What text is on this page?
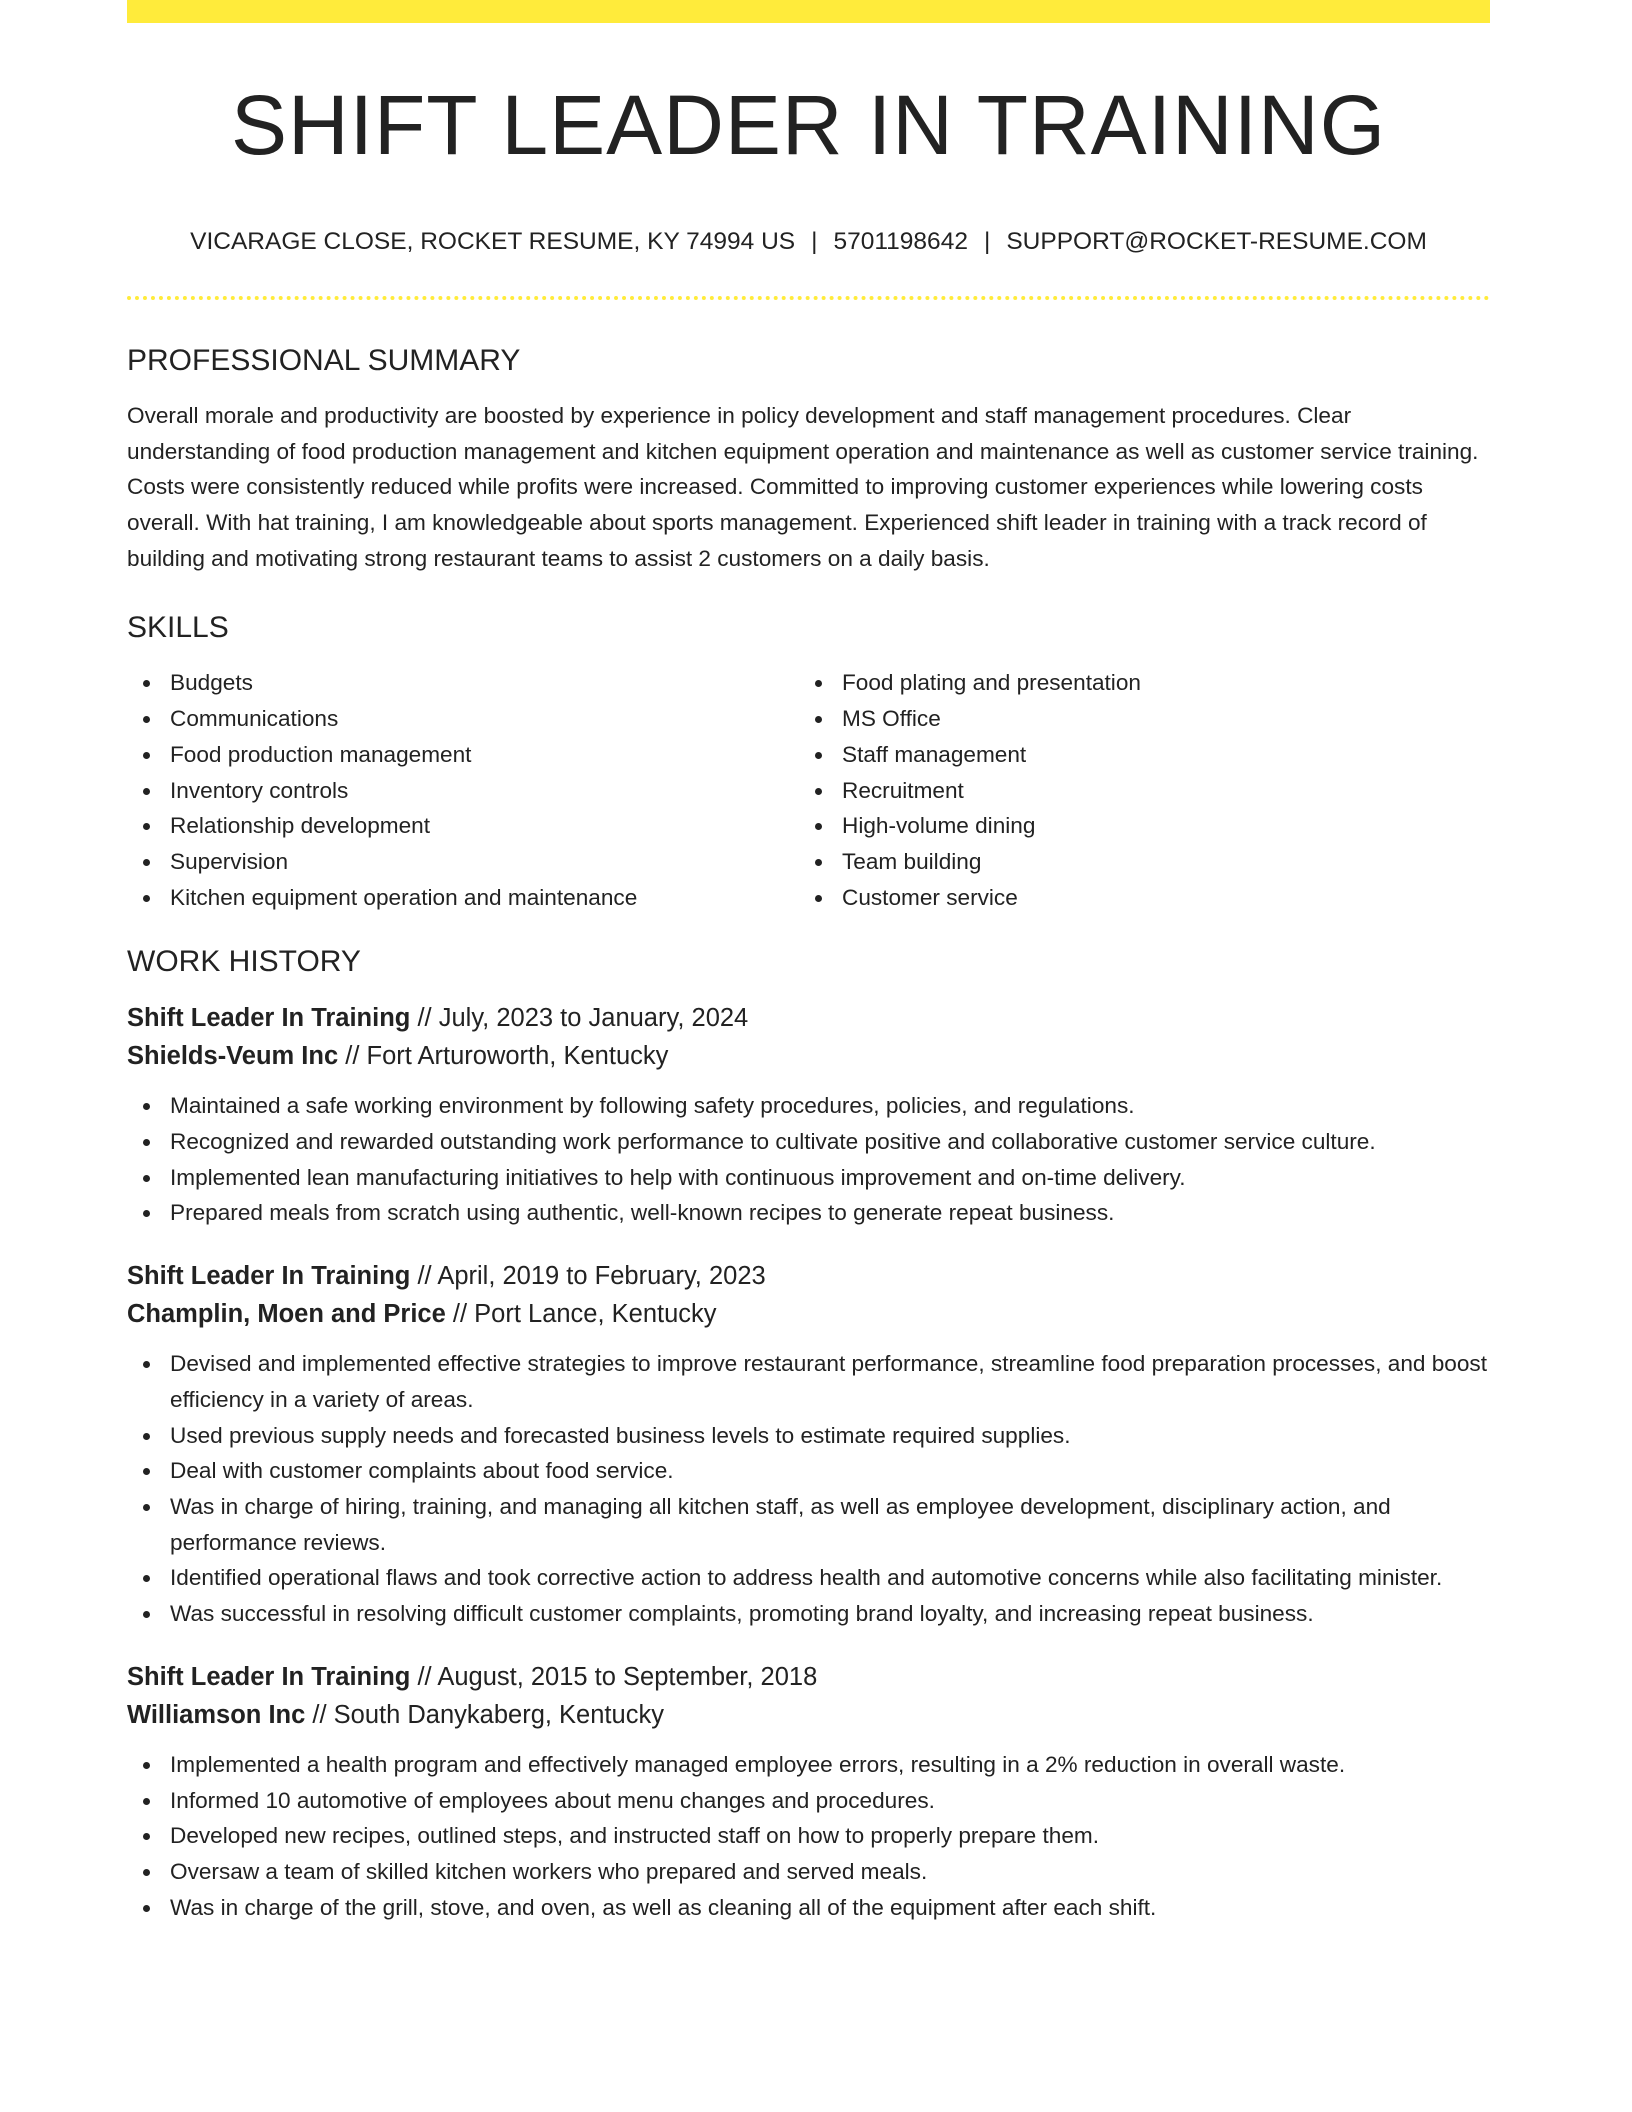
SHIFT LEADER IN TRAINING
VICARAGE CLOSE, ROCKET RESUME, KY 74994 US | 5701198642 | SUPPORT@ROCKET-RESUME.COM
PROFESSIONAL SUMMARY

Overall morale and productivity are boosted by experience in policy development and staff management procedures. Clear understanding of food production management and kitchen equipment operation and maintenance as well as customer service training. Costs were consistently reduced while profits were increased. Committed to improving customer experiences while lowering costs overall. With hat training, I am knowledgeable about sports management. Experienced shift leader in training with a track record of building and motivating strong restaurant teams to assist 2 customers on a daily basis.

SKILLS
Budgets
Communications
Food production management
Inventory controls
Relationship development
Supervision
Kitchen equipment operation and maintenance
Food plating and presentation
MS Office
Staff management
Recruitment
High-volume dining
Team building
Customer service
WORK HISTORY
Shift Leader In Training // July, 2023 to January, 2024
Shields-Veum Inc // Fort Arturoworth, Kentucky
Maintained a safe working environment by following safety procedures, policies, and regulations.
Recognized and rewarded outstanding work performance to cultivate positive and collaborative customer service culture.
Implemented lean manufacturing initiatives to help with continuous improvement and on-time delivery.
Prepared meals from scratch using authentic, well-known recipes to generate repeat business.
Shift Leader In Training // April, 2019 to February, 2023
Champlin, Moen and Price // Port Lance, Kentucky
Devised and implemented effective strategies to improve restaurant performance, streamline food preparation processes, and boost efficiency in a variety of areas.
Used previous supply needs and forecasted business levels to estimate required supplies.
Deal with customer complaints about food service.
Was in charge of hiring, training, and managing all kitchen staff, as well as employee development, disciplinary action, and performance reviews.
Identified operational flaws and took corrective action to address health and automotive concerns while also facilitating minister.
Was successful in resolving difficult customer complaints, promoting brand loyalty, and increasing repeat business.
Shift Leader In Training // August, 2015 to September, 2018
Williamson Inc // South Danykaberg, Kentucky
Implemented a health program and effectively managed employee errors, resulting in a 2% reduction in overall waste.
Informed 10 automotive of employees about menu changes and procedures.
Developed new recipes, outlined steps, and instructed staff on how to properly prepare them.
Oversaw a team of skilled kitchen workers who prepared and served meals.
Was in charge of the grill, stove, and oven, as well as cleaning all of the equipment after each shift.
